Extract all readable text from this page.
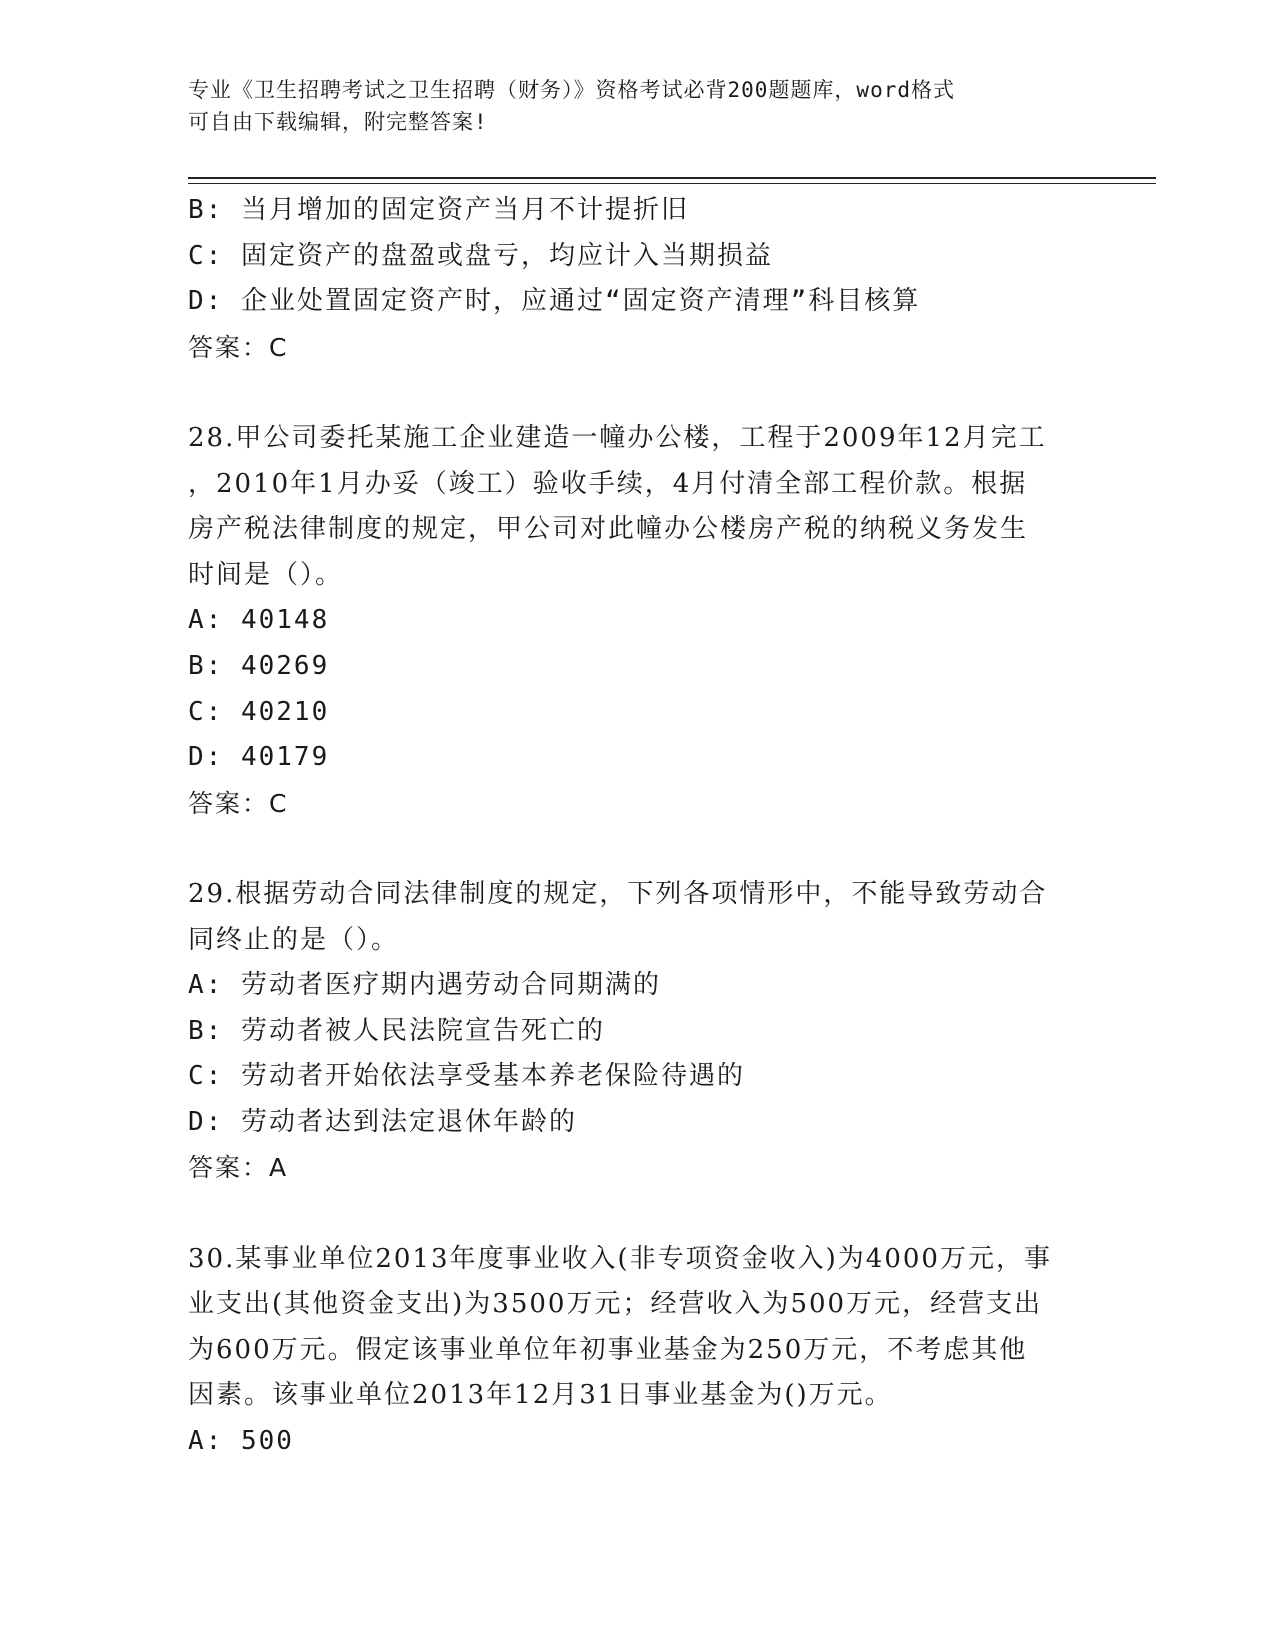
专业《卫生招聘考试之卫生招聘（财务）》资格考试必背200题题库，word格式
可自由下载编辑，附完整答案!
B: 当月增加的固定资产当月不计提折旧
C: 固定资产的盘盈或盘亏，均应计入当期损益
D: 企业处置固定资产时，应通过“固定资产清理”科目核算
答案：C
28.甲公司委托某施工企业建造一幢办公楼，工程于2009年12月完工
，2010年1月办妥（竣工）验收手续，4月付清全部工程价款。根据
房产税法律制度的规定，甲公司对此幢办公楼房产税的纳税义务发生
时间是（）。
A: 40148
B: 40269
C: 40210
D: 40179
答案：C
29.根据劳动合同法律制度的规定，下列各项情形中，不能导致劳动合
同终止的是（）。
A: 劳动者医疗期内遇劳动合同期满的
B: 劳动者被人民法院宣告死亡的
C: 劳动者开始依法享受基本养老保险待遇的
D: 劳动者达到法定退休年龄的
答案：A
30.某事业单位2013年度事业收入(非专项资金收入)为4000万元，事
业支出(其他资金支出)为3500万元；经营收入为500万元，经营支出
为600万元。假定该事业单位年初事业基金为250万元，不考虑其他
因素。该事业单位2013年12月31日事业基金为()万元。
A: 500
